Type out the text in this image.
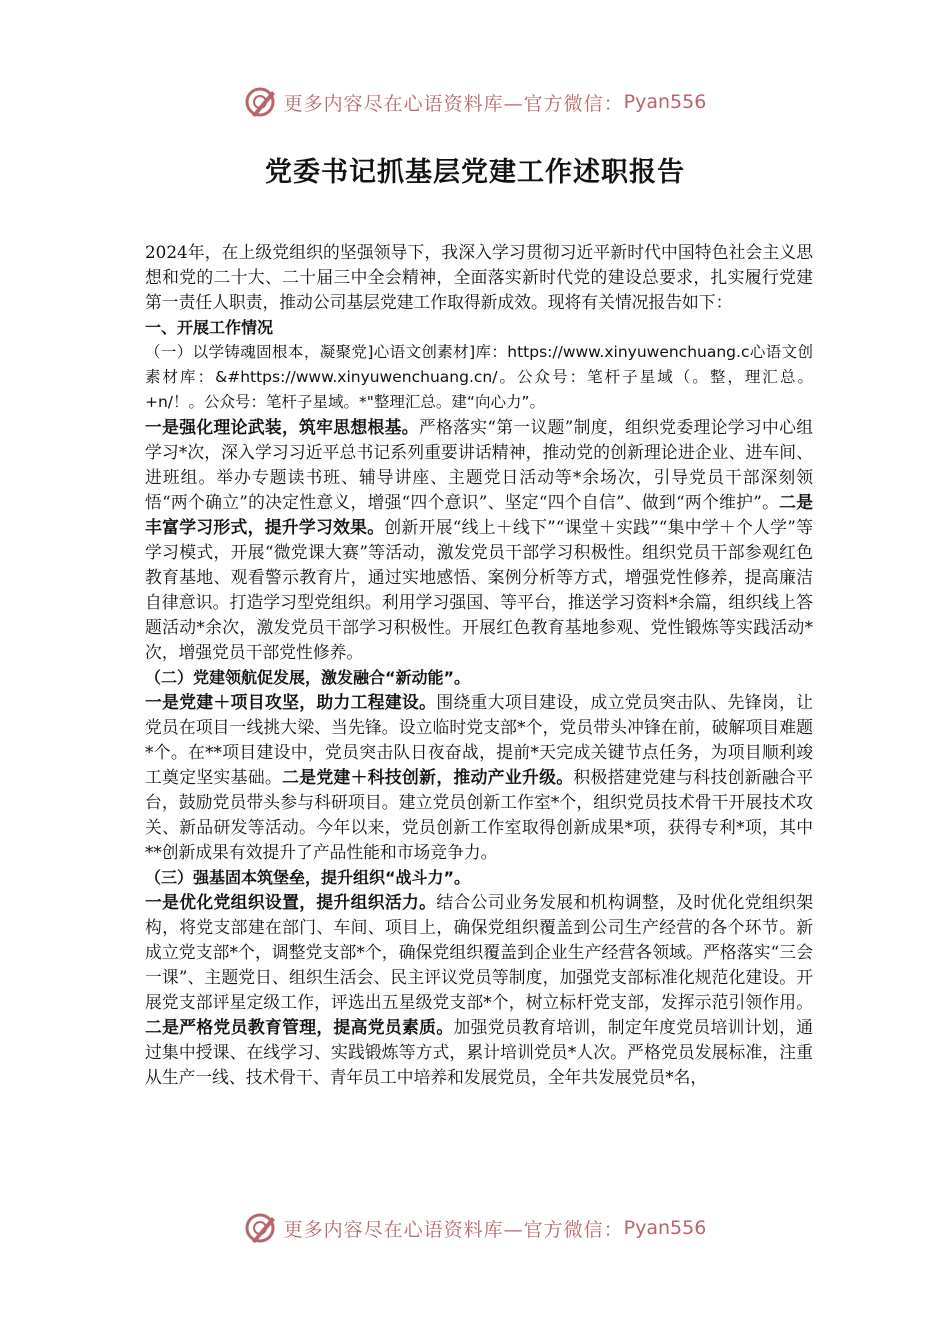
更多内容尽在心语资料库—官方微信： Pyan556
党委书记抓基层党建工作述职报告

2024年，在上级党组织的坚强领导下，我深入学习贯彻习近平新时代中国特色社会主义思想和党的二十大、二十届三中全会精神，全面落实新时代党的建设总要求，扎实履行党建第一责任人职责，推动公司基层党建工作取得新成效。现将有关情况报告如下：

一、开展工作情况

（一）以学铸魂固根本，凝聚党]心语文创素材]库：https://www.xinyuwenchuang.c心语文创素材库：&#https://www.xinyuwenchuang.cn/。公众号：笔杆子星域（。整，理汇总。+n/！。公众号：笔杆子星域。*"整理汇总。建“向心力”。

一是强化理论武装，筑牢思想根基。严格落实“第一议题”制度，组织党委理论学习中心组学习*次，深入学习习近平总书记系列重要讲话精神，推动党的创新理论进企业、进车间、进班组。举办专题读书班、辅导讲座、主题党日活动等*余场次，引导党员干部深刻领悟“两个确立”的决定性意义，增强“四个意识”、坚定“四个自信”、做到“两个维护”。二是丰富学习形式，提升学习效果。创新开展“线上＋线下”“课堂＋实践”“集中学＋个人学”等学习模式，开展“微党课大赛”等活动，激发党员干部学习积极性。组织党员干部参观红色教育基地、观看警示教育片，通过实地感悟、案例分析等方式，增强党性修养，提高廉洁自律意识。打造学习型党组织。利用学习强国、等平台，推送学习资料*余篇，组织线上答题活动*余次，激发党员干部学习积极性。开展红色教育基地参观、党性锻炼等实践活动*次，增强党员干部党性修养。

（二）党建领航促发展，激发融合“新动能”。

一是党建＋项目攻坚，助力工程建设。围绕重大项目建设，成立党员突击队、先锋岗，让党员在项目一线挑大梁、当先锋。设立临时党支部*个，党员带头冲锋在前，破解项目难题*个。在**项目建设中，党员突击队日夜奋战，提前*天完成关键节点任务，为项目顺利竣工奠定坚实基础。二是党建＋科技创新，推动产业升级。积极搭建党建与科技创新融合平台，鼓励党员带头参与科研项目。建立党员创新工作室*个，组织党员技术骨干开展技术攻关、新品研发等活动。今年以来，党员创新工作室取得创新成果*项，获得专利*项，其中**创新成果有效提升了产品性能和市场竞争力。

（三）强基固本筑堡垒，提升组织“战斗力”。

一是优化党组织设置，提升组织活力。结合公司业务发展和机构调整，及时优化党组织架构，将党支部建在部门、车间、项目上，确保党组织覆盖到公司生产经营的各个环节。新成立党支部*个，调整党支部*个，确保党组织覆盖到企业生产经营各领域。严格落实“三会一课”、主题党日、组织生活会、民主评议党员等制度，加强党支部标准化规范化建设。开展党支部评星定级工作，评选出五星级党支部*个，树立标杆党支部，发挥示范引领作用。二是严格党员教育管理，提高党员素质。加强党员教育培训，制定年度党员培训计划，通过集中授课、在线学习、实践锻炼等方式，累计培训党员*人次。严格党员发展标准，注重从生产一线、技术骨干、青年员工中培养和发展党员，全年共发展党员*名，

更多内容尽在心语资料库—官方微信： Pyan556
